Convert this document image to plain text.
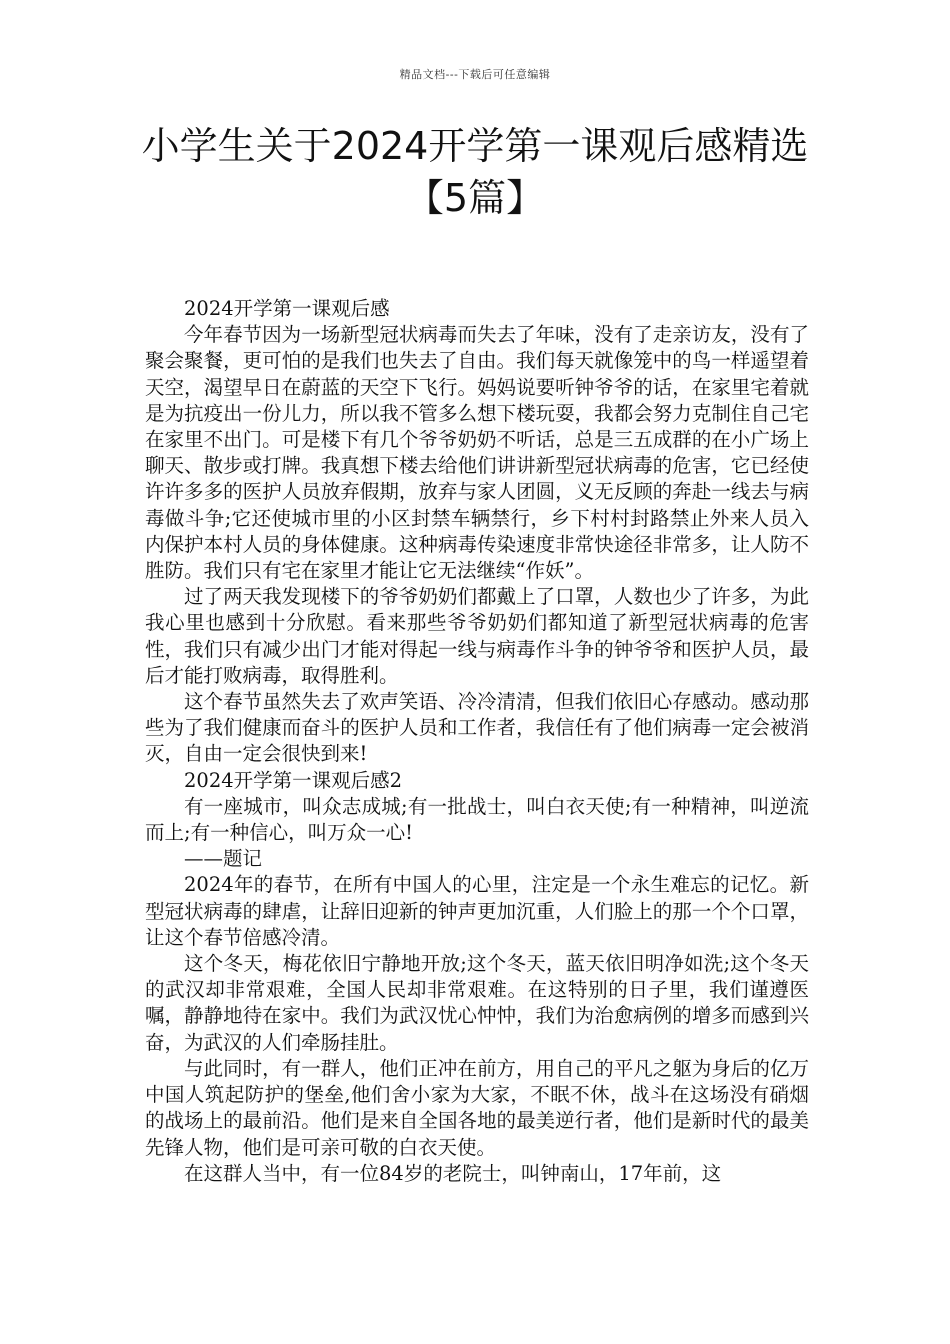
精品文档---下载后可任意编辑
小学生关于2024开学第一课观后感精选【5篇】

2024开学第一课观后感

今年春节因为一场新型冠状病毒而失去了年味，没有了走亲访友，没有了聚会聚餐，更可怕的是我们也失去了自由。我们每天就像笼中的鸟一样遥望着天空，渴望早日在蔚蓝的天空下飞行。妈妈说要听钟爷爷的话，在家里宅着就是为抗疫出一份儿力，所以我不管多么想下楼玩耍，我都会努力克制住自己宅在家里不出门。可是楼下有几个爷爷奶奶不听话，总是三五成群的在小广场上聊天、散步或打牌。我真想下楼去给他们讲讲新型冠状病毒的危害，它已经使许许多多的医护人员放弃假期，放弃与家人团圆，义无反顾的奔赴一线去与病毒做斗争;它还使城市里的小区封禁车辆禁行，乡下村村封路禁止外来人员入内保护本村人员的身体健康。这种病毒传染速度非常快途径非常多，让人防不胜防。我们只有宅在家里才能让它无法继续“作妖”。

过了两天我发现楼下的爷爷奶奶们都戴上了口罩，人数也少了许多，为此我心里也感到十分欣慰。看来那些爷爷奶奶们都知道了新型冠状病毒的危害性，我们只有减少出门才能对得起一线与病毒作斗争的钟爷爷和医护人员，最后才能打败病毒，取得胜利。

这个春节虽然失去了欢声笑语、冷冷清清，但我们依旧心存感动。感动那些为了我们健康而奋斗的医护人员和工作者，我信任有了他们病毒一定会被消灭，自由一定会很快到来!

2024开学第一课观后感2

有一座城市，叫众志成城;有一批战士，叫白衣天使;有一种精神，叫逆流而上;有一种信心，叫万众一心!

——题记

2024年的春节，在所有中国人的心里，注定是一个永生难忘的记忆。新型冠状病毒的肆虐，让辞旧迎新的钟声更加沉重，人们脸上的那一个个口罩，让这个春节倍感冷清。

这个冬天，梅花依旧宁静地开放;这个冬天，蓝天依旧明净如洗;这个冬天的武汉却非常艰难，全国人民却非常艰难。在这特别的日子里，我们谨遵医嘱，静静地待在家中。我们为武汉忧心忡忡，我们为治愈病例的增多而感到兴奋，为武汉的人们牵肠挂肚。

与此同时，有一群人，他们正冲在前方，用自己的平凡之躯为身后的亿万中国人筑起防护的堡垒,他们舍小家为大家，不眠不休，战斗在这场没有硝烟的战场上的最前沿。他们是来自全国各地的最美逆行者，他们是新时代的最美先锋人物，他们是可亲可敬的白衣天使。

在这群人当中，有一位84岁的老院士，叫钟南山，17年前，这
